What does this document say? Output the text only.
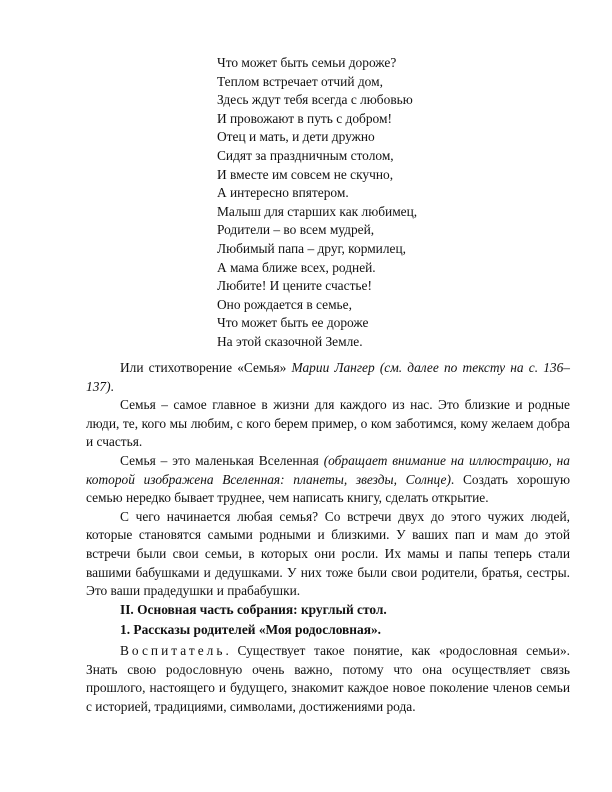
Что может быть семьи дороже?
Теплом встречает отчий дом,
Здесь ждут тебя всегда с любовью
И провожают в путь с добром!
Отец и мать, и дети дружно
Сидят за праздничным столом,
И вместе им совсем не скучно,
А интересно впятером.
Малыш для старших как любимец,
Родители – во всем мудрей,
Любимый папа – друг, кормилец,
А мама ближе всех, родней.
Любите! И цените счастье!
Оно рождается в семье,
Что может быть ее дороже
На этой сказочной Земле.

Или стихотворение «Семья» Марии Лангер (см. далее по тексту на с. 136–137).

Семья – самое главное в жизни для каждого из нас. Это близкие и родные люди, те, кого мы любим, с кого берем пример, о ком заботимся, кому желаем добра и счастья.

Семья – это маленькая Вселенная (обращает внимание на иллюстрацию, на которой изображена Вселенная: планеты, звезды, Солнце). Создать хорошую семью нередко бывает труднее, чем написать книгу, сделать открытие.

С чего начинается любая семья? Со встречи двух до этого чужих людей, которые становятся самыми родными и близкими. У ваших пап и мам до этой встречи были свои семьи, в которых они росли. Их мамы и папы теперь стали вашими бабушками и дедушками. У них тоже были свои родители, братья, сестры. Это ваши прадедушки и прабабушки.

II. Основная часть собрания: круглый стол.

1. Рассказы родителей «Моя родословная».

Воспитатель. Существует такое понятие, как «родословная семьи». Знать свою родословную очень важно, потому что она осуществляет связь прошлого, настоящего и будущего, знакомит каждое новое поколение членов семьи с историей, традициями, символами, достижениями рода.
